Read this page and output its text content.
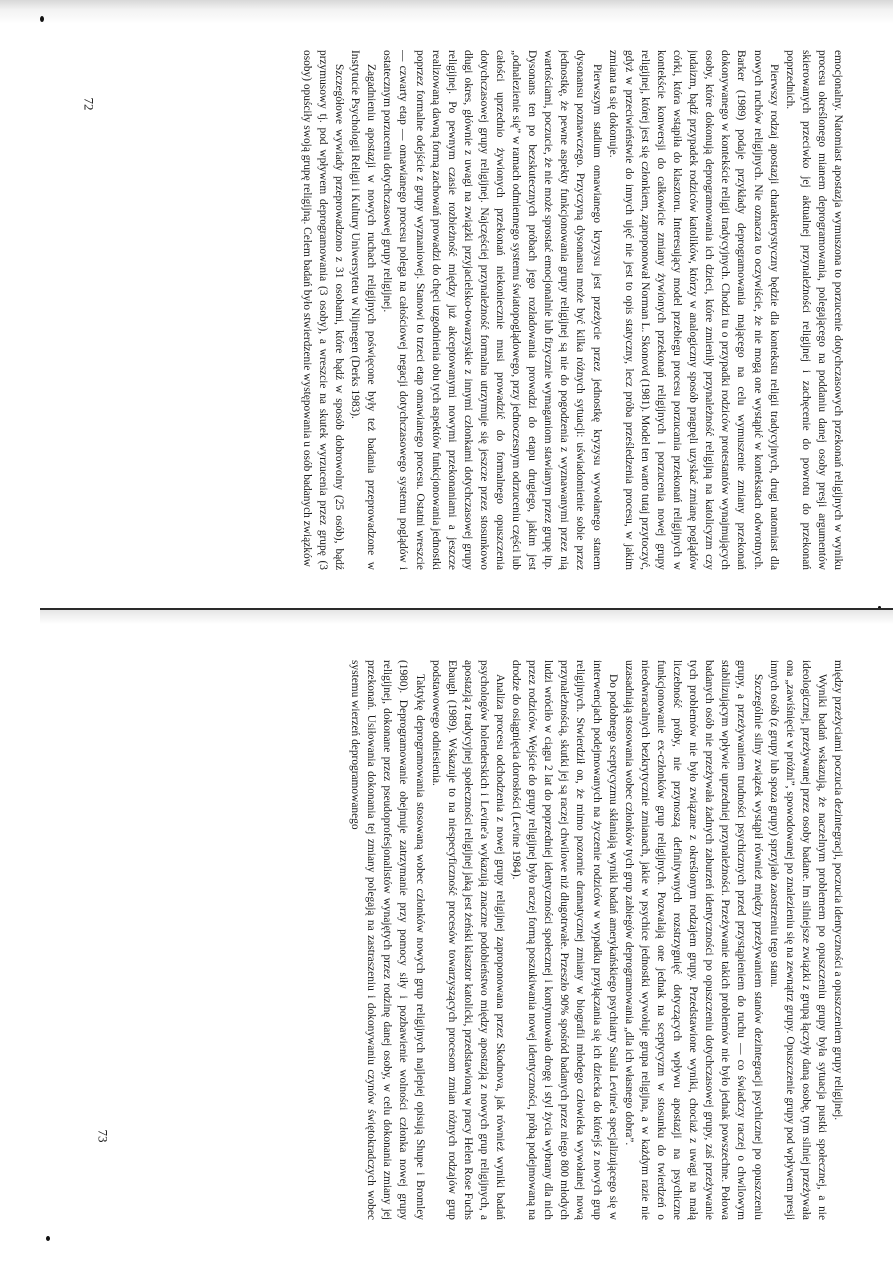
emocjonalny. Natomiast apostazja wymuszona to porzucenie dotychczasowych przekonań religijnych w wyniku procesu określonego mianem deprogramowania, polegającego na poddaniu danej osoby presji argumentów skierowanych przeciwko jej aktualnej przynależności religijnej i zachęcenie do powrotu do przekonań poprzednich.

Pierwszy rodzaj apostazji charakterystyczny będzie dla kontekstu religii tradycyjnych, drugi natomiast dla nowych ruchów religijnych. Nie oznacza to oczywiście, że nie mogą one wystąpić w kontekstach odwrotnych. Barker (1989) podaje przykłady deprogramowania mającego na celu wymuszenie zmiany przekonań dokonywanego w kontekście religii tradycyjnych. Chodzi tu o przypadki rodziców protestantów wynajmujących osoby, które dokonują deprogramowania ich dzieci, które zmieniły przynależność religijną na katolicyzm czy judaizm, bądź przypadek rodziców katolików, którzy w analogiczny sposób pragnęli uzyskać zmianę poglądów córki, która wstąpiła do klasztoru. Interesujący model przebiegu procesu porzucania przekonań religijnych w kontekście konwersji do całkowicie zmiany żywionych przekonań religijnych i porzucenia nowej grupy religijnej, której jest się członkiem, zaproponował Norman L. Skonovd (1981). Model ten warto tutaj przytoczyć, gdyż w przeciwieństwie do innych ujęć nie jest to opis statyczny, lecz próba prześledzenia procesu, w jakim zmiana ta się dokonuje.

Pierwszym stadium omawianego kryzysu jest przeżycie przez jednostkę kryzysu wywołanego stanem dysonansu poznawczego. Przyczyną dysonansu może być kilka różnych sytuacji: uświadomienie sobie przez jednostkę, że pewne aspekty funkcjonowania grupy religijnej są nie do pogodzenia z wyznawanymi przez nią wartościami, poczucie, że nie może sprostać emocjonalnie lub fizycznie wymaganiom stawianym przez grupę itp. Dysonans ten po bezskutecznych próbach jego rozładowania prowadzi do etapu drugiego, jakim jest „odnalezienie się” w ramach odmiennego systemu światopoglądowego, przy jednoczesnym odrzuceniu części lub całości uprzednio żywionych przekonań niekoniecznie musi prowadzić do formalnego opuszczenia dotychczasowej grupy religijnej. Najczęściej przynależność formalna utrzymuje się jeszcze przez stosunkowo długi okres, głównie z uwagi na związki przyjacielsko-towarzyskie z innymi członkami dotychczasowej grupy religijnej. Po pewnym czasie rozbieżność między już akceptowanymi nowymi przekonaniami a jeszcze realizowaną dawną formą zachowań prowadzi do chęci uzgodnienia obu tych aspektów funkcjonowania jednostki poprzez formalne odejście z grupy wyznaniowej. Stanowi to trzeci etap omawianego procesu. Ostatni wreszcie — czwarty etap — omawianego procesu polega na całościowej negacji dotychczasowego systemu poglądów i ostatecznym porzuceniu dotychczasowej grupy religijnej.

Zagadnieniu apostazji w nowych ruchach religijnych poświęcone były też badania przeprowadzone w Instytucie Psychologii Religii i Kultury Uniwersytetu w Nijmegen (Derks 1983).

Szczegółowe wywiady przeprowadzono z 31 osobami, które bądź w sposób dobrowolny (25 osób), bądź przymusowy tj. pod wpływem deprogramowania (3 osoby), a wreszcie na skutek wyrzucenia przez grupę (3 osoby) opuściły swoją grupę religijną. Celem badań było stwierdzenie występowania u osób badanych związków

72

między przeżyciami poczucia dezintegracji, poczucia identyczności a opuszczeniem grupy religijnej.

Wyniki badań wskazują, że naczelnym problemem po opuszczeniu grupy była sytuacja pustki społecznej, a nie ideologicznej, przeżywanej przez osoby badane. Im silniejsze związki z grupą łączyły daną osobę, tym silniej przeżywała ona „zawiśnięcie w próżni”, spowodowanej po znalezieniu się na zewnątrz grupy. Opuszczenie grupy pod wpływem presji innych osób (z grupy lub spoza grupy) sprzyjało zaostrzeniu tego stanu.

Szczególnie silny związek wystąpił również między przeżywaniem stanów dezintegracji psychicznej po opuszczeniu grupy, a przeżywaniem trudności psychicznych przed przystąpieniem do ruchu — co świadczy raczej o chwilowym stabilizującym wpływie uprzedniej przynależności. Przeżywanie takich problemów nie było jednak powszechne. Połowa badanych osób nie przeżywała żadnych zaburzeń identyczności po opuszczeniu dotychczasowej grupy, zaś przeżywanie tych problemów nie było związane z określonym rodzajem grupy. Przedstawione wyniki, chociaż z uwagi na małą liczebność próby, nie przynoszą definitywnych rozstrzygnięć dotyczących wpływu apostazji na psychiczne funkcjonowanie ex-członków grup religijnych. Pozwalają one jednak na sceptycyzm w stosunku do twierdzeń o nieodwracalnych bezkrytycznie zmianach, jakie w psychice jednostki wywołuje grupa religijna, a w każdym razie nie uzasadniają stosowania wobec członków tych grup zabiegów deprogramowania „dla ich własnego dobra”.

Do podobnego sceptycyzmu skłaniają wyniki badań amerykańskiego psychiatry Saula Levine'a specjalizującego się w interwencjach podejmowanych na życzenie rodziców w wypadku przyłączania się ich dziecka do którejś z nowych grup religijnych. Stwierdził on, że mimo pozornie dramatycznej zmiany w biografii młodego człowieka wywołanej nową przynależnością, skutki jej są raczej chwilowe niż długotrwałe. Przeszło 90% spośród badanych przez niego 800 młodych ludzi wróciło w ciągu 2 lat do poprzedniej identyczności społecznej i kontynuowało drogę i styl życia wybrany dla nich przez rodziców. Wejście do grupy religijnej było raczej formą poszukiwania nowej identyczności, próbą podejmowaną na drodze do osiągnięcia dorosłości (Levine 1984).

Analiza procesu odchodzenia z nowej grupy religijnej zaproponowana przez Skodnova, jak również wyniki badań psychologów holenderskich i Levine'a wykazują znaczne podobieństwo między apostazją z nowych grup religijnych, a apostazją z tradycyjnej społeczności religijnej jaką jest żeński klasztor katolicki, przedstawioną w pracy Helen Rose Fuchs Ebaugh (1989). Wskazuje to na niespecyficzność procesów towarzyszących procesom zmian różnych rodzajów grup podstawowego odniesienia.

Taktykę deprogramowania stosowaną wobec członków nowych grup religijnych najlepiej opisują Shupe i Bromley (1980). Deprogramowanie obejmuje zatrzymanie przy pomocy siły i pozbawienie wolności członka nowej grupy religijnej, dokonane przez pseudoprofesjonalistów wynajętych przez rodzinę danej osoby, w celu dokonania zmiany jej przekonań. Usiłowania dokonania tej zmiany polegają na zastraszeniu i dokonywaniu czynów świętokradczych wobec systemu wierzeń deprogramowanego

73
